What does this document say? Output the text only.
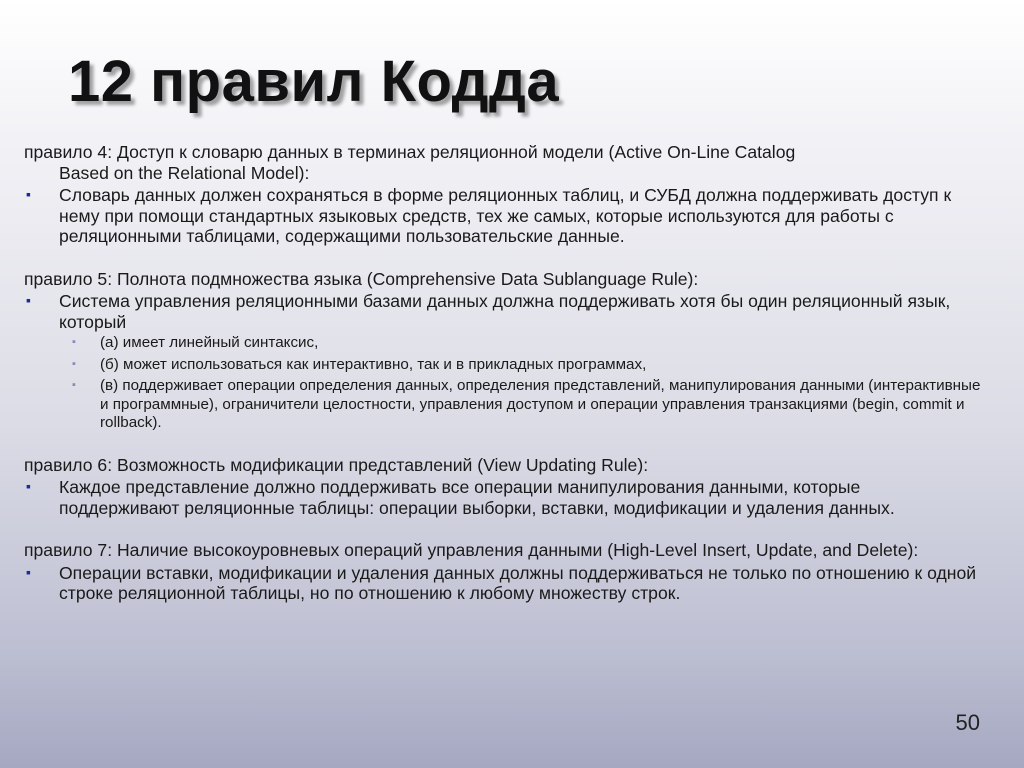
12 правил Кодда

правило 4: Доступ к словарю данных в терминах реляционной модели (Active On-Line Catalog
Based on the Relational Model):

▪ Словарь данных должен сохраняться в форме реляционных таблиц, и СУБД должна поддерживать доступ к нему при помощи стандартных языковых средств, тех же самых, которые используются для работы с реляционными таблицами, содержащими пользовательские данные.

правило 5: Полнота подмножества языка (Comprehensive Data Sublanguage Rule):

▪ Система управления реляционными базами данных должна поддерживать хотя бы один реляционный язык, который
▪ (а) имеет линейный синтаксис,
▪ (б) может использоваться как интерактивно, так и в прикладных программах,
▪ (в) поддерживает операции определения данных, определения представлений, манипулирования данными (интерактивные и программные), ограничители целостности, управления доступом и операции управления транзакциями (begin, commit и rollback).

правило 6: Возможность модификации представлений (View Updating Rule):

▪ Каждое представление должно поддерживать все операции манипулирования данными, которые поддерживают реляционные таблицы: операции выборки, вставки, модификации и удаления данных.

правило 7: Наличие высокоуровневых операций управления данными (High-Level Insert, Update, and Delete):

▪ Операции вставки, модификации и удаления данных должны поддерживаться не только по отношению к одной строке реляционной таблицы, но по отношению к любому множеству строк.
50
